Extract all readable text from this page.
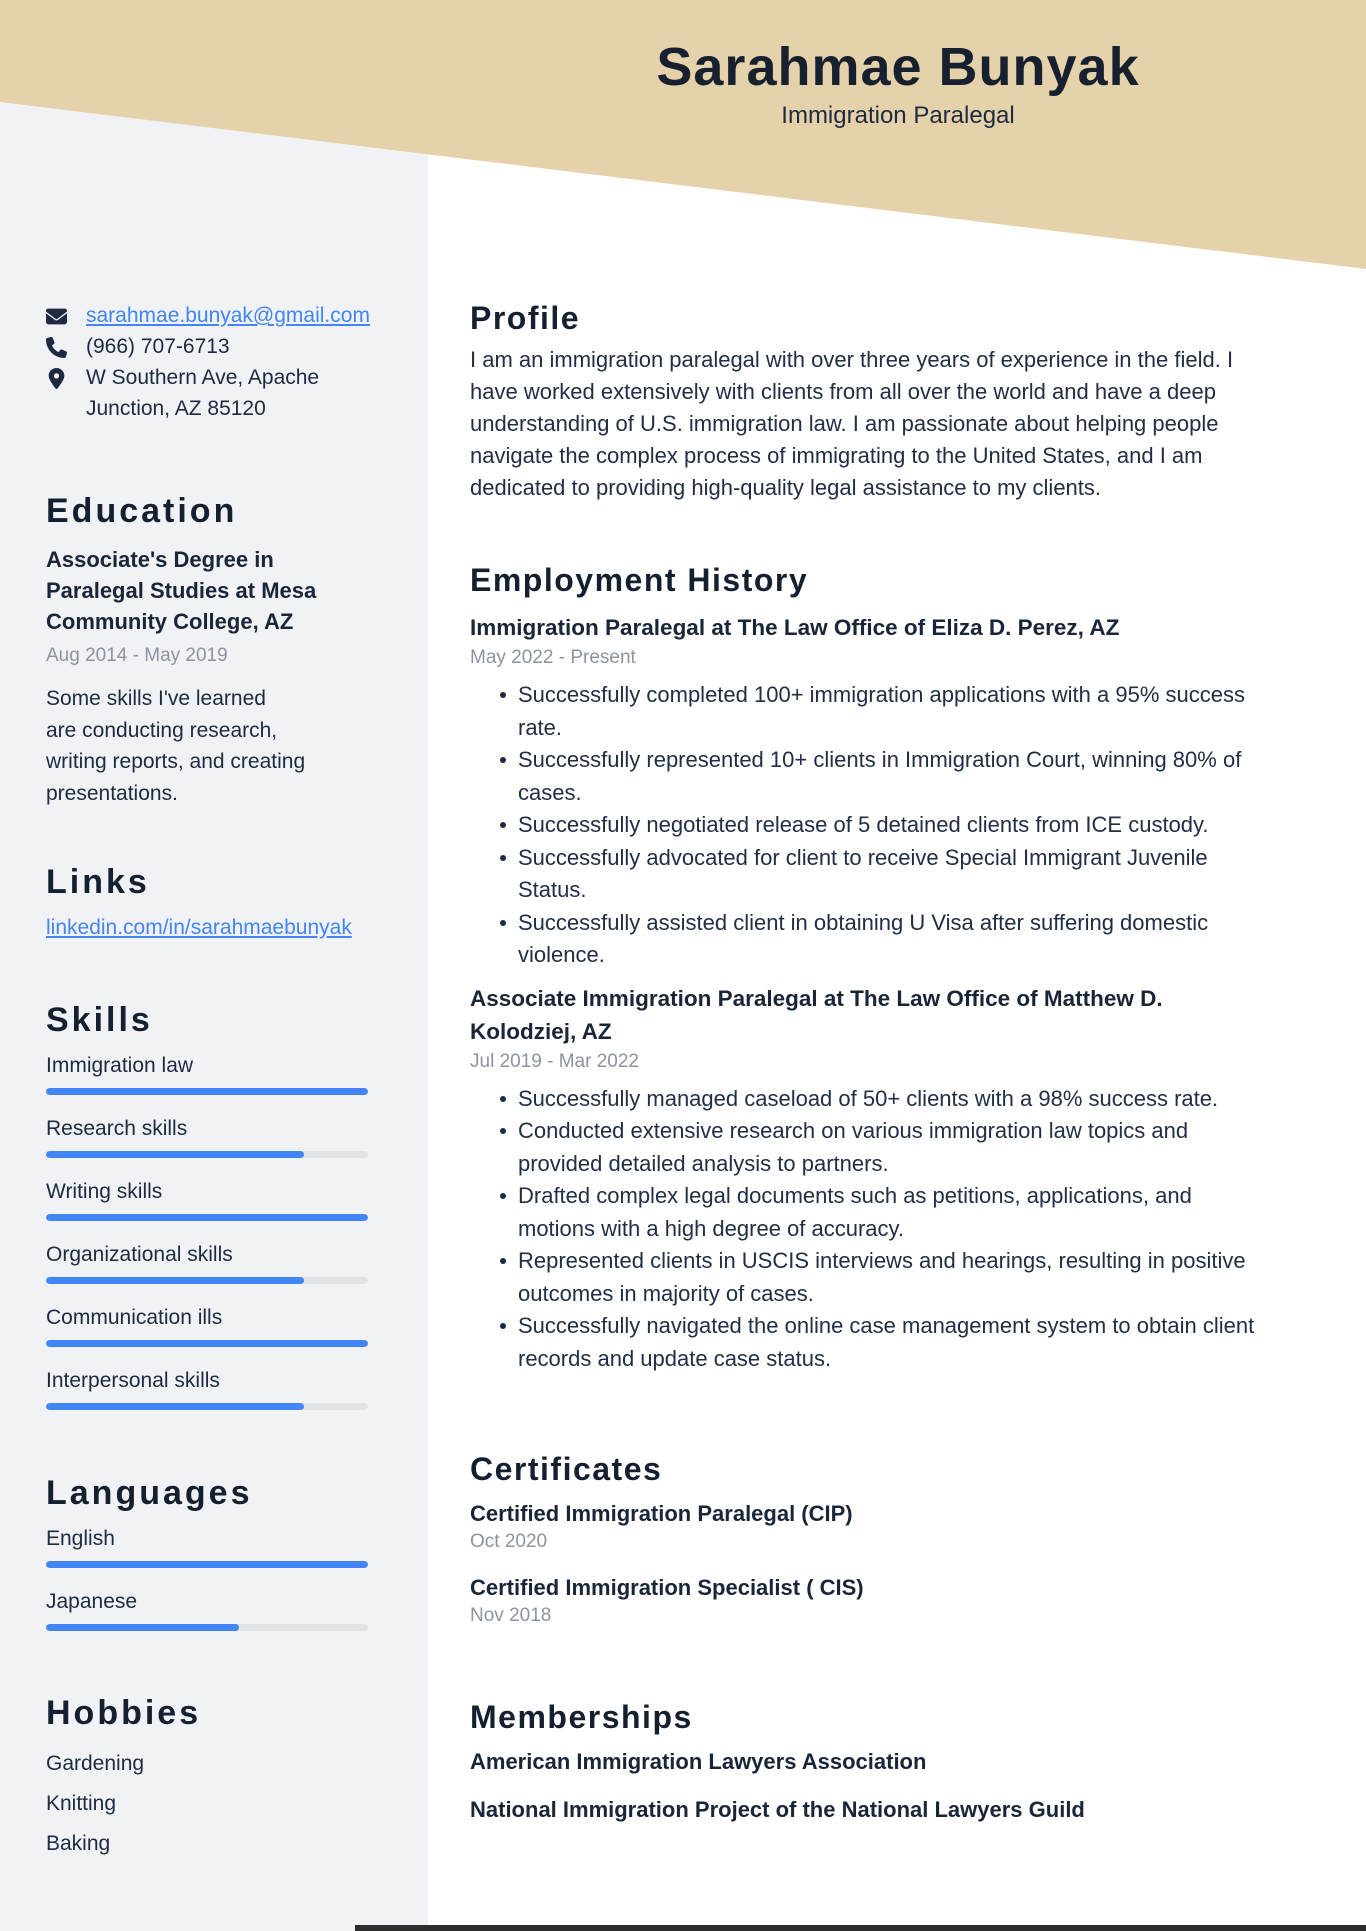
Sarahmae Bunyak
Immigration Paralegal
sarahmae.bunyak@gmail.com
(966) 707-6713
W Southern Ave, Apache Junction, AZ 85120
Education
Associate's Degree in Paralegal Studies at Mesa Community College, AZ
Aug 2014 - May 2019
Some skills I've learned
are conducting research,
writing reports, and creating
presentations.
Links
linkedin.com/in/sarahmaebunyak
Skills
Immigration law
Research skills
Writing skills
Organizational skills
Communication ills
Interpersonal skills
Languages
English
Japanese
Hobbies
Gardening
Knitting
Baking
Profile
I am an immigration paralegal with over three years of experience in the field. I have worked extensively with clients from all over the world and have a deep understanding of U.S. immigration law. I am passionate about helping people navigate the complex process of immigrating to the United States, and I am dedicated to providing high-quality legal assistance to my clients.
Employment History
Immigration Paralegal at The Law Office of Eliza D. Perez, AZ
May 2022 - Present
Successfully completed 100+ immigration applications with a 95% success rate.
Successfully represented 10+ clients in Immigration Court, winning 80% of cases.
Successfully negotiated release of 5 detained clients from ICE custody.
Successfully advocated for client to receive Special Immigrant Juvenile Status.
Successfully assisted client in obtaining U Visa after suffering domestic violence.
Associate Immigration Paralegal at The Law Office of Matthew D. Kolodziej, AZ
Jul 2019 - Mar 2022
Successfully managed caseload of 50+ clients with a 98% success rate.
Conducted extensive research on various immigration law topics and provided detailed analysis to partners.
Drafted complex legal documents such as petitions, applications, and motions with a high degree of accuracy.
Represented clients in USCIS interviews and hearings, resulting in positive outcomes in majority of cases.
Successfully navigated the online case management system to obtain client records and update case status.
Certificates
Certified Immigration Paralegal (CIP)
Oct 2020
Certified Immigration Specialist ( CIS)
Nov 2018
Memberships
American Immigration Lawyers Association
National Immigration Project of the National Lawyers Guild
